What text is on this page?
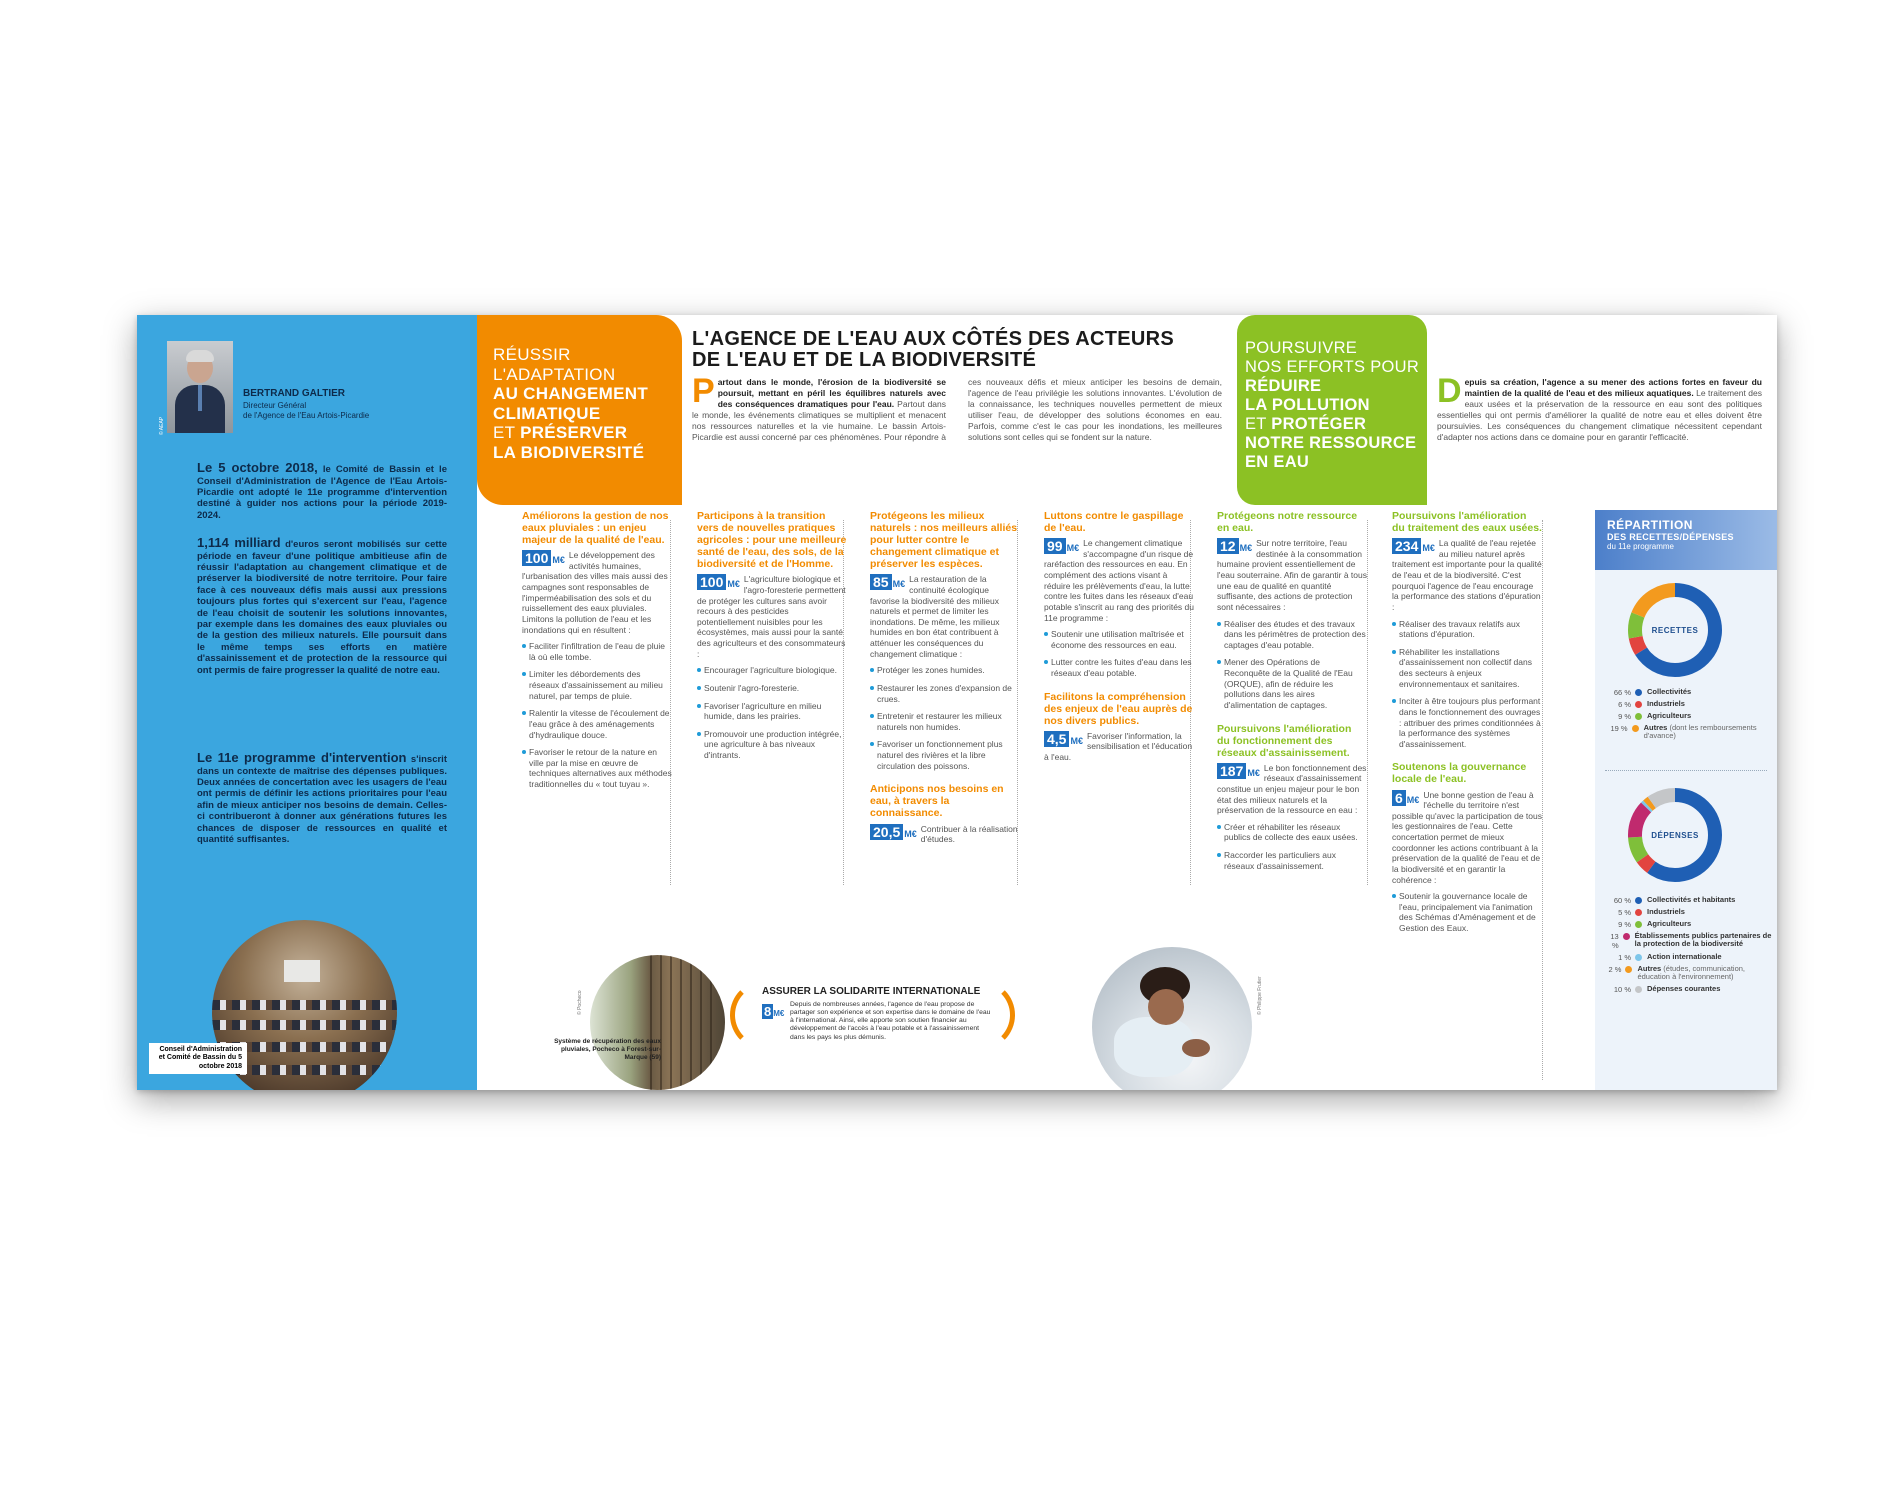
© AEAP
BERTRAND GALTIER
Directeur Général
de l'Agence de l'Eau Artois-Picardie
Le 5 octobre 2018, le Comité de Bassin et le Conseil d'Administration de l'Agence de l'Eau Artois-Picardie ont adopté le 11e programme d'intervention destiné à guider nos actions pour la période 2019-2024.
1,114 milliard d'euros seront mobilisés sur cette période en faveur d'une politique ambitieuse afin de réussir l'adaptation au changement climatique et de préserver la biodiversité de notre territoire. Pour faire face à ces nouveaux défis mais aussi aux pressions toujours plus fortes qui s'exercent sur l'eau, l'agence de l'eau choisit de soutenir les solutions innovantes, par exemple dans les domaines des eaux pluviales ou de la gestion des milieux naturels. Elle poursuit dans le même temps ses efforts en matière d'assainissement et de protection de la ressource qui ont permis de faire progresser la qualité de notre eau.
Le 11e programme d'intervention s'inscrit dans un contexte de maîtrise des dépenses publiques. Deux années de concertation avec les usagers de l'eau ont permis de définir les actions prioritaires pour l'eau afin de mieux anticiper nos besoins de demain. Celles-ci contribueront à donner aux générations futures les chances de disposer de ressources en qualité et quantité suffisantes.
Conseil d'Administration et Comité de Bassin du 5 octobre 2018
RÉUSSIR
L'ADAPTATION
AU CHANGEMENT
CLIMATIQUE
ET PRÉSERVER
LA BIODIVERSITÉ
L'AGENCE DE L'EAU AUX CÔTÉS DES ACTEURS
DE L'EAU ET DE LA BIODIVERSITÉ
Partout dans le monde, l'érosion de la biodiversité se poursuit, mettant en péril les équilibres naturels avec des conséquences dramatiques pour l'eau. Partout dans le monde, les événements climatiques se multiplient et menacent nos ressources naturelles et la vie humaine. Le bassin Artois-Picardie est aussi concerné par ces phénomènes. Pour répondre à ces nouveaux défis et mieux anticiper les besoins de demain, l'agence de l'eau privilégie les solutions innovantes. L'évolution de la connaissance, les techniques nouvelles permettent de mieux utiliser l'eau, de développer des solutions économes en eau. Parfois, comme c'est le cas pour les inondations, les meilleures solutions sont celles qui se fondent sur la nature.
POURSUIVRE
NOS EFFORTS POUR
RÉDUIRE
LA POLLUTION
ET PROTÉGER
NOTRE RESSOURCE
EN EAU
Depuis sa création, l'agence a su mener des actions fortes en faveur du maintien de la qualité de l'eau et des milieux aquatiques. Le traitement des eaux usées et la préservation de la ressource en eau sont des politiques essentielles qui ont permis d'améliorer la qualité de notre eau et elles doivent être poursuivies. Les conséquences du changement climatique nécessitent cependant d'adapter nos actions dans ce domaine pour en garantir l'efficacité.
Améliorons la gestion de nos eaux pluviales : un enjeu majeur de la qualité de l'eau.

100 M€ Le développement des activités humaines, l'urbanisation des villes mais aussi des campagnes sont responsables de l'imperméabilisation des sols et du ruissellement des eaux pluviales. Limitons la pollution de l'eau et les inondations qui en résultent :

Faciliter l'infiltration de l'eau de pluie là où elle tombe.
Limiter les débordements des réseaux d'assainissement au milieu naturel, par temps de pluie.
Ralentir la vitesse de l'écoulement de l'eau grâce à des aménagements d'hydraulique douce.
Favoriser le retour de la nature en ville par la mise en œuvre de techniques alternatives aux méthodes traditionnelles du « tout tuyau ».
Participons à la transition vers de nouvelles pratiques agricoles : pour une meilleure santé de l'eau, des sols, de la biodiversité et de l'Homme.

100 M€ L'agriculture biologique et l'agro-foresterie permettent de protéger les cultures sans avoir recours à des pesticides potentiellement nuisibles pour les écosystèmes, mais aussi pour la santé des agriculteurs et des consommateurs :

Encourager l'agriculture biologique.
Soutenir l'agro-foresterie.
Favoriser l'agriculture en milieu humide, dans les prairies.
Promouvoir une production intégrée, une agriculture à bas niveaux d'intrants.
Protégeons les milieux naturels : nos meilleurs alliés pour lutter contre le changement climatique et préserver les espèces.

85 M€ La restauration de la continuité écologique favorise la biodiversité des milieux naturels et permet de limiter les inondations. De même, les milieux humides en bon état contribuent à atténuer les conséquences du changement climatique :

Protéger les zones humides.
Restaurer les zones d'expansion de crues.
Entretenir et restaurer les milieux naturels non humides.
Favoriser un fonctionnement plus naturel des rivières et la libre circulation des poissons.
Anticipons nos besoins en eau, à travers la connaissance.

20,5 M€ Contribuer à la réalisation d'études.

Luttons contre le gaspillage de l'eau.

99 M€ Le changement climatique s'accompagne d'un risque de raréfaction des ressources en eau. En complément des actions visant à réduire les prélèvements d'eau, la lutte contre les fuites dans les réseaux d'eau potable s'inscrit au rang des priorités du 11e programme :

Soutenir une utilisation maîtrisée et économe des ressources en eau.
Lutter contre les fuites d'eau dans les réseaux d'eau potable.
Facilitons la compréhension des enjeux de l'eau auprès de nos divers publics.

4,5 M€ Favoriser l'information, la sensibilisation et l'éducation à l'eau.

Protégeons notre ressource en eau.

12 M€ Sur notre territoire, l'eau destinée à la consommation humaine provient essentiellement de l'eau souterraine. Afin de garantir à tous une eau de qualité en quantité suffisante, des actions de protection sont nécessaires :

Réaliser des études et des travaux dans les périmètres de protection des captages d'eau potable.
Mener des Opérations de Reconquête de la Qualité de l'Eau (ORQUE), afin de réduire les pollutions dans les aires d'alimentation de captages.
Poursuivons l'amélioration du fonctionnement des réseaux d'assainissement.

187 M€ Le bon fonctionnement des réseaux d'assainissement constitue un enjeu majeur pour le bon état des milieux naturels et la préservation de la ressource en eau :

Créer et réhabiliter les réseaux publics de collecte des eaux usées.
Raccorder les particuliers aux réseaux d'assainissement.
Poursuivons l'amélioration du traitement des eaux usées.

234 M€ La qualité de l'eau rejetée au milieu naturel après traitement est importante pour la qualité de l'eau et de la biodiversité. C'est pourquoi l'agence de l'eau encourage la performance des stations d'épuration :

Réaliser des travaux relatifs aux stations d'épuration.
Réhabiliter les installations d'assainissement non collectif dans des secteurs à enjeux environnementaux et sanitaires.
Inciter à être toujours plus performant dans le fonctionnement des ouvrages : attribuer des primes conditionnées à la performance des systèmes d'assainissement.
Soutenons la gouvernance locale de l'eau.

6 M€ Une bonne gestion de l'eau à l'échelle du territoire n'est possible qu'avec la participation de tous les gestionnaires de l'eau. Cette concertation permet de mieux coordonner les actions contribuant à la préservation de la qualité de l'eau et de la biodiversité et en garantir la cohérence :

Soutenir la gouvernance locale de l'eau, principalement via l'animation des Schémas d'Aménagement et de Gestion des Eaux.
RÉPARTITION
DES RECETTES/DÉPENSES
du 11e programme
RECETTES
66 % Collectivités
6 % Industriels
9 % Agriculteurs
19 % Autres (dont les remboursements d'avance)
DÉPENSES
60 % Collectivités et habitants
5 % Industriels
9 % Agriculteurs
13 %
Établissements publics partenaires de la protection de la biodiversité
1 % Action internationale
2 % Autres (études, communication, éducation à l'environnement)
10 % Dépenses courantes
© Pocheco
Système de récupération des eaux pluviales, Pocheco à Forest-sur-Marque (59)
ASSURER LA SOLIDARITE INTERNATIONALE
8 M€
Depuis de nombreuses années, l'agence de l'eau propose de partager son expérience et son expertise dans le domaine de l'eau à l'international. Ainsi, elle apporte son soutien financier au développement de l'accès à l'eau potable et à l'assainissement dans les pays les plus démunis.
© Philippe Frutier
